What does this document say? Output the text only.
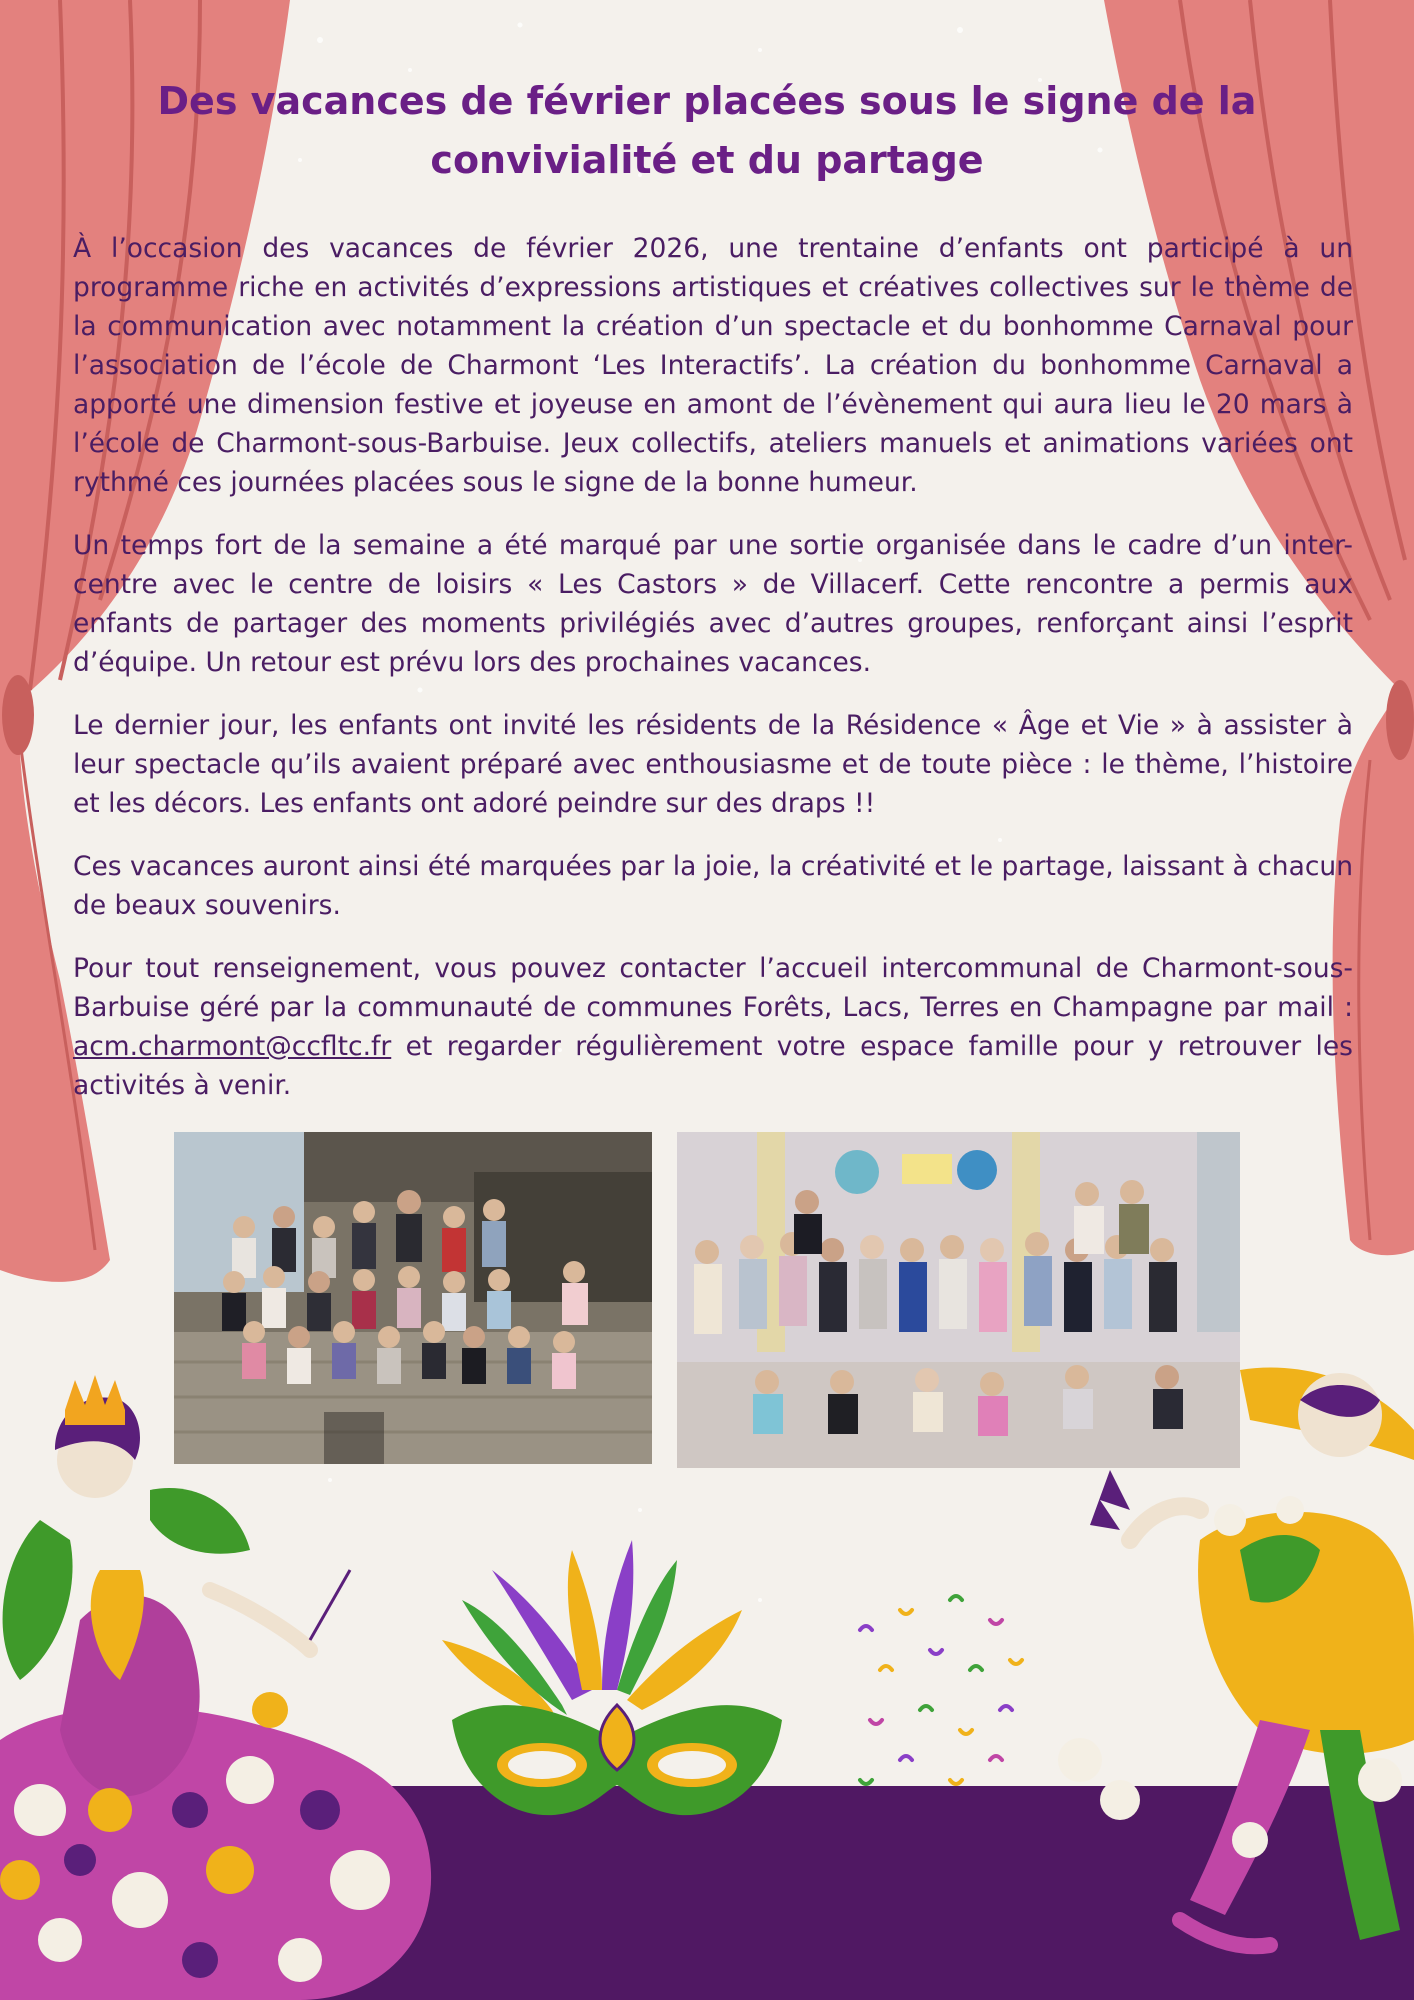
Des vacances de février placées sous le signe de la convivialité et du partage

À l’occasion des vacances de février 2026, une trentaine d’enfants ont participé à un programme riche en activités d’expressions artistiques et créatives collectives sur le thème de la communication avec notamment la création d’un spectacle et du bonhomme Carnaval pour l’association de l’école de Charmont ‘Les Interactifs’. La création du bonhomme Carnaval a apporté une dimension festive et joyeuse en amont de l’évènement qui aura lieu le 20 mars à l’école de Charmont-sous-Barbuise. Jeux collectifs, ateliers manuels et animations variées ont rythmé ces journées placées sous le signe de la bonne humeur.

Un temps fort de la semaine a été marqué par une sortie organisée dans le cadre d’un inter-centre avec le centre de loisirs « Les Castors » de Villacerf. Cette rencontre a permis aux enfants de partager des moments privilégiés avec d’autres groupes, renforçant ainsi l’esprit d’équipe. Un retour est prévu lors des prochaines vacances.

Le dernier jour, les enfants ont invité les résidents de la Résidence « Âge et Vie » à assister à leur spectacle qu’ils avaient préparé avec enthousiasme et de toute pièce : le thème, l’histoire et les décors. Les enfants ont adoré peindre sur des draps !!

Ces vacances auront ainsi été marquées par la joie, la créativité et le partage, laissant à chacun de beaux souvenirs.

Pour tout renseignement, vous pouvez contacter l’accueil intercommunal de Charmont-sous-Barbuise géré par la communauté de communes Forêts, Lacs, Terres en Champagne par mail : acm.charmont@ccfltc.fr et regarder régulièrement votre espace famille pour y retrouver les activités à venir.
